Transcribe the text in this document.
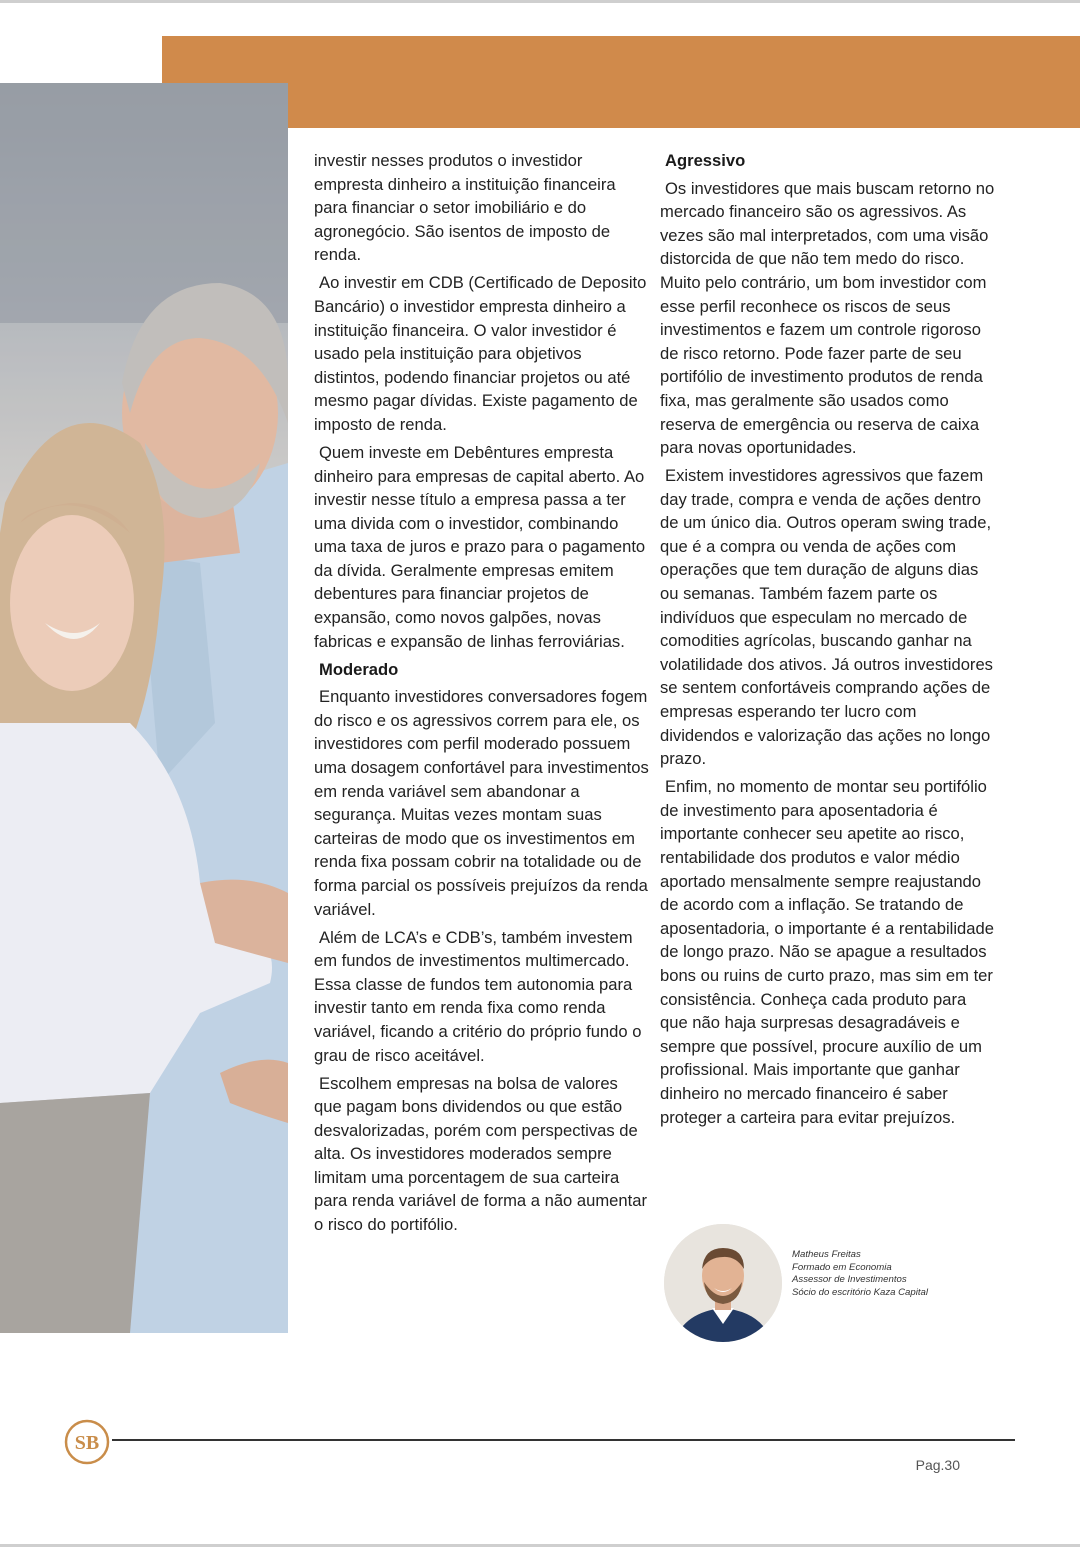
investir nesses produtos o investidor empresta dinheiro a instituição financeira para financiar o setor imobiliário e do agronegócio. São isentos de imposto de renda.

Ao investir em CDB (Certificado de Deposito Bancário) o investidor empresta dinheiro a instituição financeira. O valor investidor é usado pela instituição para objetivos distintos, podendo financiar projetos ou até mesmo pagar dívidas. Existe pagamento de imposto de renda.

Quem investe em Debêntures empresta dinheiro para empresas de capital aberto. Ao investir nesse título a empresa passa a ter uma divida com o investidor, combinando uma taxa de juros e prazo para o pagamento da dívida. Geralmente empresas emitem debentures para financiar projetos de expansão, como novos galpões, novas fabricas e expansão de linhas ferroviárias.

Moderado

Enquanto investidores conversadores fogem do risco e os agressivos correm para ele, os investidores com perfil moderado possuem uma dosagem confortável para investimentos em renda variável sem abandonar a segurança. Muitas vezes montam suas carteiras de modo que os investimentos em renda fixa possam cobrir na totalidade ou de forma parcial os possíveis prejuízos da renda variável.

Além de LCA’s e CDB’s, também investem em fundos de investimentos multimercado. Essa classe de fundos tem autonomia para investir tanto em renda fixa como renda variável, ficando a critério do próprio fundo o grau de risco aceitável.

Escolhem empresas na bolsa de valores que pagam bons dividendos ou que estão desvalorizadas, porém com perspectivas de alta. Os investidores moderados sempre limitam uma porcentagem de sua carteira para renda variável de forma a não aumentar o risco do portifólio.

Agressivo

Os investidores que mais buscam retorno no mercado financeiro são os agressivos. As vezes são mal interpretados, com uma visão distorcida de que não tem medo do risco. Muito pelo contrário, um bom investidor com esse perfil reconhece os riscos de seus investimentos e fazem um controle rigoroso de risco retorno. Pode fazer parte de seu portifólio de investimento produtos de renda fixa, mas geralmente são usados como reserva de emergência ou reserva de caixa para novas oportunidades.

Existem investidores agressivos que fazem day trade, compra e venda de ações dentro de um único dia. Outros operam swing trade, que é a compra ou venda de ações com operações que tem duração de alguns dias ou semanas. Também fazem parte os indivíduos que especulam no mercado de comodities agrícolas, buscando ganhar na volatilidade dos ativos. Já outros investidores se sentem confortáveis comprando ações de empresas esperando ter lucro com dividendos e valorização das ações no longo prazo.

Enfim, no momento de montar seu portifólio de investimento para aposentadoria é importante conhecer seu apetite ao risco, rentabilidade dos produtos e valor médio aportado mensalmente sempre reajustando de acordo com a inflação. Se tratando de aposentadoria, o importante é a rentabilidade de longo prazo. Não se apague a resultados bons ou ruins de curto prazo, mas sim em ter consistência. Conheça cada produto para que não haja surpresas desagradáveis e sempre que possível, procure auxílio de um profissional. Mais importante que ganhar dinheiro no mercado financeiro é saber proteger a carteira para evitar prejuízos.

Matheus Freitas
Formado em Economia
Assessor de Investimentos
Sócio do escritório Kaza Capital
SB
Pag.30
